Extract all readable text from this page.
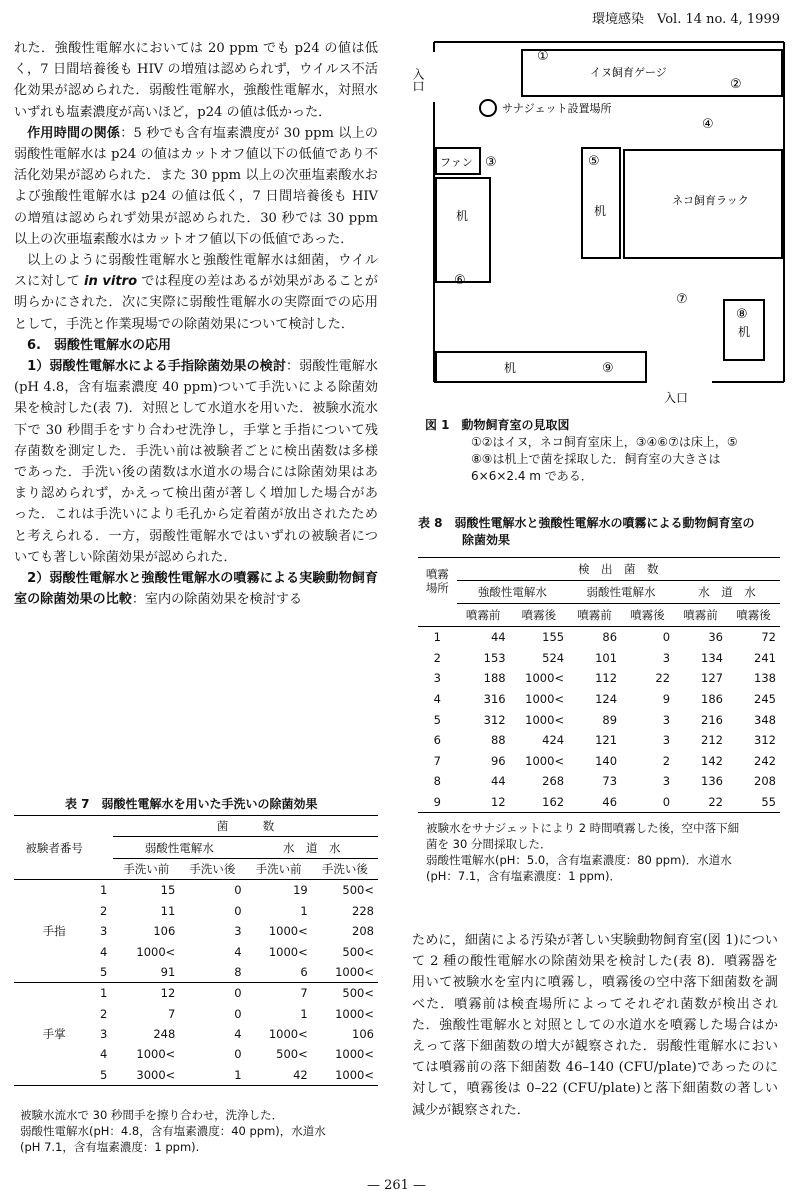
環境感染　Vol. 14 no. 4, 1999

れた．強酸性電解水においては 20 ppm でも p24 の値は低く，7 日間培養後も HIV の増殖は認められず，ウイルス不活化効果が認められた．弱酸性電解水，強酸性電解水，対照水いずれも塩素濃度が高いほど，p24 の値は低かった．

作用時間の関係：5 秒でも含有塩素濃度が 30 ppm 以上の弱酸性電解水は p24 の値はカットオフ値以下の低値であり不活化効果が認められた．また 30 ppm 以上の次亜塩素酸水および強酸性電解水は p24 の値は低く，7 日間培養後も HIV の増殖は認められず効果が認められた．30 秒では 30 ppm 以上の次亜塩素酸水はカットオフ値以下の低値であった．

以上のように弱酸性電解水と強酸性電解水は細菌，ウイルスに対して in vitro では程度の差はあるが効果があることが明らかにされた．次に実際に弱酸性電解水の実際面での応用として，手洗と作業現場での除菌効果について検討した．

6.　弱酸性電解水の応用

1）弱酸性電解水による手指除菌効果の検討：弱酸性電解水(pH 4.8，含有塩素濃度 40 ppm)ついて手洗いによる除菌効果を検討した(表 7)．対照として水道水を用いた．被験水流水下で 30 秒間手をすり合わせ洗浄し，手掌と手指について残存菌数を測定した．手洗い前は被験者ごとに検出菌数は多様であった．手洗い後の菌数は水道水の場合には除菌効果はあまり認められず，かえって検出菌が著しく増加した場合があった．これは手洗いにより毛孔から定着菌が放出されたためと考えられる．一方，弱酸性電解水ではいずれの被験者についても著しい除菌効果が認められた．

2）弱酸性電解水と強酸性電解水の噴霧による実験動物飼育室の除菌効果の比較：室内の除菌効果を検討する

入口
①
イヌ飼育ゲージ
②
サナジェット設置場所
④
ファン ③	⑤
机	机
ネコ飼育ラック
⑥
⑦
⑧
机
机	⑨
入口
図 1　動物飼育室の見取図
①②はイヌ，ネコ飼育室床上，③④⑥⑦は床上，⑤
⑧⑨は机上で菌を採取した．飼育室の大きさは
6×6×2.4 m である．
表 8　弱酸性電解水と強酸性電解水の噴霧による動物飼育室の
除菌効果
噴霧
場所	検　出　菌　数					
	強酸性電解水		弱酸性電解水		水　道　水	
	噴霧前	噴霧後	噴霧前	噴霧後	噴霧前	噴霧後
1	44	155	86	0	36	72
2	153	524	101	3	134	241
3	188	1000<	112	22	127	138
4	316	1000<	124	9	186	245
5	312	1000<	89	3	216	348
6	88	424	121	3	212	312
7	96	1000<	140	2	142	242
8	44	268	73	3	136	208
9	12	162	46	0	22	55
被験水をサナジェットにより 2 時間噴霧した後，空中落下細
菌を 30 分間採取した．
弱酸性電解水(pH：5.0，含有塩素濃度：80 ppm)．水道水
(pH：7.1，含有塩素濃度：1 ppm)．

ために，細菌による汚染が著しい実験動物飼育室(図 1)について 2 種の酸性電解水の除菌効果を検討した(表 8)．噴霧器を用いて被験水を室内に噴霧し，噴霧後の空中落下細菌数を調べた．噴霧前は検査場所によってそれぞれ菌数が検出された．強酸性電解水と対照としての水道水を噴霧した場合はかえって落下細菌数の増大が観察された．弱酸性電解水においては噴霧前の落下細菌数 46–140 (CFU/plate)であったのに対して，噴霧後は 0–22 (CFU/plate)と落下細菌数の著しい減少が観察された．

表 7　弱酸性電解水を用いた手洗いの除菌効果
被験者番号		菌　　　数			
		弱酸性電解水		水　道　水	
		手洗い前	手洗い後	手洗い前	手洗い後
手指	1	15	0	19	500<
	2	11	0	1	228
	3	106	3	1000<	208
	4	1000<	4	1000<	500<
	5	91	8	6	1000<
手掌	1	12	0	7	500<
	2	7	0	1	1000<
	3	248	4	1000<	106
	4	1000<	0	500<	1000<
	5	3000<	1	42	1000<
被験水流水で 30 秒間手を擦り合わせ，洗浄した．
弱酸性電解水(pH：4.8，含有塩素濃度：40 ppm)，水道水
(pH 7.1，含有塩素濃度：1 ppm).
— 261 —
